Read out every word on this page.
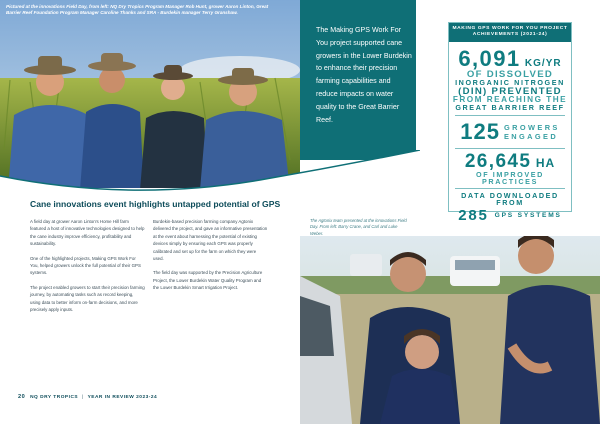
Pictured at the innovations Field Day, from left: NQ Dry Tropics Program Manager Rob Hunt, grower Aaron Linton, Great Barrier Reef Foundation Program Manager Caroline Thanks and SRA - Burdekin manager Terry Granshaw.

The Making GPS Work For You project supported cane growers in the Lower Burdekin to enhance their precision farming capabilities and reduce impacts on water quality to the Great Barrier Reef.

MAKING GPS WORK FOR YOU PROJECT ACHIEVEMENTS (2021-24)
6,091 KG/YR
OF DISSOLVED
INORGANIC NITROGEN
(DIN) PREVENTED
FROM REACHING THE
GREAT BARRIER REEF
125 GROWERS
ENGAGED
26,645 HA
OF IMPROVED PRACTICES
DATA DOWNLOADED FROM
285 GPS SYSTEMS
Cane innovations event highlights untapped potential of GPS

A field day at grower Aaron Linton's Home Hill farm featured a host of innovative technologies designed to help the cane industry improve efficiency, profitability and sustainability.

One of the highlighted projects, Making GPS Work For You, helped growers unlock the full potential of their GPS systems.

The project enabled growers to start their precision farming journey, by automating tasks such as record keeping, using data to better inform on-farm decisions, and more precisely apply inputs.

Burdekin-based precision farming company Agtonix delivered the project, and gave an informative presentation at the event about harnessing the potential of existing devices simply by ensuring each GPS was properly calibrated and set up for the farm on which they were used.

The field day was supported by the Precision Agriculture Project, the Lower Burdekin Water Quality Program and the Lower Burdekin Smart Irrigation Project.

The Agtonix team presented at the innovations Field Day. From left: Barry Crane, and Carl and Luke Weber.
20 NQ DRY TROPICS | YEAR IN REVIEW 2023-24
